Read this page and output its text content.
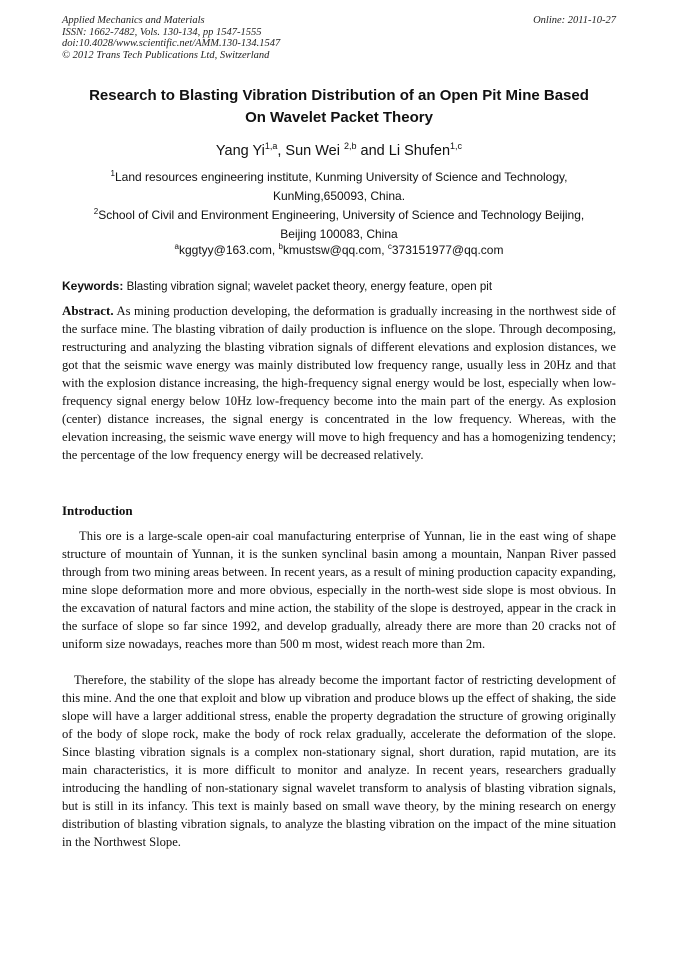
Applied Mechanics and Materials
ISSN: 1662-7482, Vols. 130-134, pp 1547-1555
doi:10.4028/www.scientific.net/AMM.130-134.1547
© 2012 Trans Tech Publications Ltd, Switzerland
Online: 2011-10-27
Research to Blasting Vibration Distribution of an Open Pit Mine Based
On Wavelet Packet Theory
Yang Yi$^{1,a}$, Sun Wei $^{2,b}$ and Li Shufen$^{1,c}$
$^1$Land resources engineering institute, Kunming University of Science and Technology,
KunMing,650093, China.
$^2$School of Civil and Environment Engineering, University of Science and Technology Beijing,
Beijing 100083, China
$^a$kggtyy@163.com, $^b$kmustsw@qq.com, $^c$373151977@qq.com
Keywords: Blasting vibration signal; wavelet packet theory, energy feature, open pit
Abstract. As mining production developing, the deformation is gradually increasing in the northwest side of the surface mine. The blasting vibration of daily production is influence on the slope. Through decomposing, restructuring and analyzing the blasting vibration signals of different elevations and explosion distances, we got that the seismic wave energy was mainly distributed low frequency range, usually less in 20Hz and that with the explosion distance increasing, the high-frequency signal energy would be lost, especially when low-frequency signal energy below 10Hz low-frequency become into the main part of the energy. As explosion (center) distance increases, the signal energy is concentrated in the low frequency. Whereas, with the elevation increasing, the seismic wave energy will move to high frequency and has a homogenizing tendency; the percentage of the low frequency energy will be decreased relatively.
Introduction
This ore is a large-scale open-air coal manufacturing enterprise of Yunnan, lie in the east wing of shape structure of mountain of Yunnan, it is the sunken synclinal basin among a mountain, Nanpan River passed through from two mining areas between. In recent years, as a result of mining production capacity expanding, mine slope deformation more and more obvious, especially in the north-west side slope is most obvious. In the excavation of natural factors and mine action, the stability of the slope is destroyed, appear in the crack in the surface of slope so far since 1992, and develop gradually, already there are more than 20 cracks not of uniform size nowadays, reaches more than 500 m most, widest reach more than 2m.
Therefore, the stability of the slope has already become the important factor of restricting development of this mine. And the one that exploit and blow up vibration and produce blows up the effect of shaking, the side slope will have a larger additional stress, enable the property degradation the structure of growing originally of the body of slope rock, make the body of rock relax gradually, accelerate the deformation of the slope. Since blasting vibration signals is a complex non-stationary signal, short duration, rapid mutation, are its main characteristics, it is more difficult to monitor and analyze. In recent years, researchers gradually introducing the handling of non-stationary signal wavelet transform to analysis of blasting vibration signals, but is still in its infancy. This text is mainly based on small wave theory, by the mining research on energy distribution of blasting vibration signals, to analyze the blasting vibration on the impact of the mine situation in the Northwest Slope.
